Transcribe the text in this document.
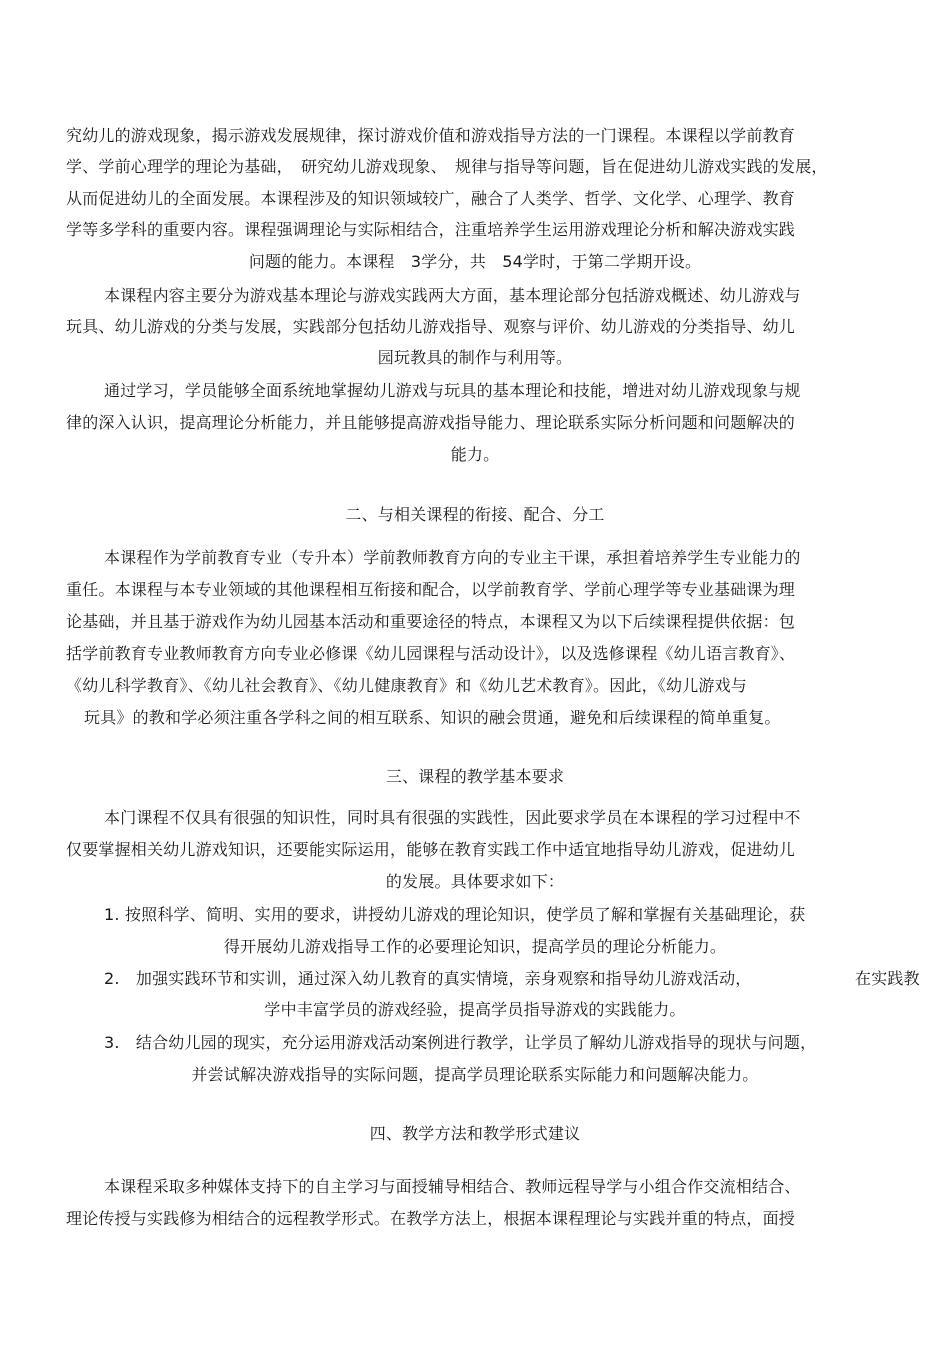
究幼儿的游戏现象，揭示游戏发展规律，探讨游戏价值和游戏指导方法的一门课程。本课程以学前教育
学、学前心理学的理论为基础，　研究幼儿游戏现象、　规律与指导等问题，旨在促进幼儿游戏实践的发展，
从而促进幼儿的全面发展。本课程涉及的知识领域较广，融合了人类学、哲学、文化学、心理学、教育
学等多学科的重要内容。课程强调理论与实际相结合，注重培养学生运用游戏理论分析和解决游戏实践
问题的能力。本课程　3学分，共　54学时，于第二学期开设。
本课程内容主要分为游戏基本理论与游戏实践两大方面，基本理论部分包括游戏概述、幼儿游戏与
玩具、幼儿游戏的分类与发展，实践部分包括幼儿游戏指导、观察与评价、幼儿游戏的分类指导、幼儿
园玩教具的制作与利用等。
通过学习，学员能够全面系统地掌握幼儿游戏与玩具的基本理论和技能，增进对幼儿游戏现象与规
律的深入认识，提高理论分析能力，并且能够提高游戏指导能力、理论联系实际分析问题和问题解决的
能力。
二、与相关课程的衔接、配合、分工
本课程作为学前教育专业（专升本）学前教师教育方向的专业主干课，承担着培养学生专业能力的
重任。本课程与本专业领域的其他课程相互衔接和配合，以学前教育学、学前心理学等专业基础课为理
论基础，并且基于游戏作为幼儿园基本活动和重要途径的特点，本课程又为以下后续课程提供依据：包
括学前教育专业教师教育方向专业必修课《幼儿园课程与活动设计》，以及选修课程《幼儿语言教育》、
《幼儿科学教育》、《幼儿社会教育》、《幼儿健康教育》和《幼儿艺术教育》。因此，《幼儿游戏与
玩具》的教和学必须注重各学科之间的相互联系、知识的融会贯通，避免和后续课程的简单重复。
三、课程的教学基本要求
本门课程不仅具有很强的知识性，同时具有很强的实践性，因此要求学员在本课程的学习过程中不
仅要掌握相关幼儿游戏知识，还要能实际运用，能够在教育实践工作中适宜地指导幼儿游戏，促进幼儿
的发展。具体要求如下：
1. 按照科学、简明、实用的要求，讲授幼儿游戏的理论知识，使学员了解和掌握有关基础理论，获
得开展幼儿游戏指导工作的必要理论知识，提高学员的理论分析能力。
2.　加强实践环节和实训，通过深入幼儿教育的真实情境，亲身观察和指导幼儿游戏活动，	在实践教
学中丰富学员的游戏经验，提高学员指导游戏的实践能力。
3.　结合幼儿园的现实，充分运用游戏活动案例进行教学，让学员了解幼儿游戏指导的现状与问题，
并尝试解决游戏指导的实际问题，提高学员理论联系实际能力和问题解决能力。
四、教学方法和教学形式建议
本课程采取多种媒体支持下的自主学习与面授辅导相结合、教师远程导学与小组合作交流相结合、
理论传授与实践修为相结合的远程教学形式。在教学方法上，根据本课程理论与实践并重的特点，面授
